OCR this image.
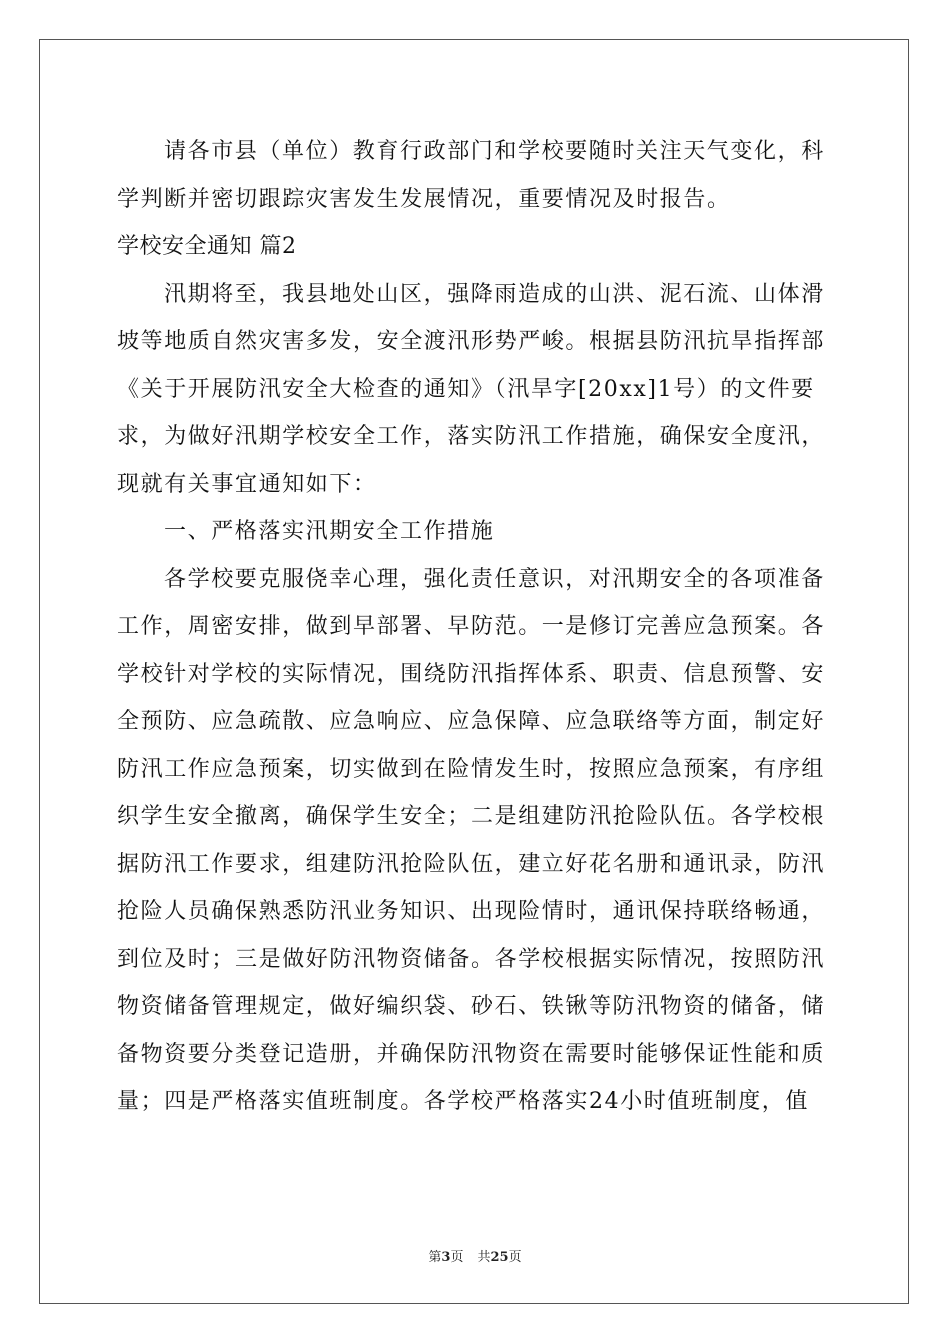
请各市县（单位）教育行政部门和学校要随时关注天气变化，科
学判断并密切跟踪灾害发生发展情况，重要情况及时报告。
学校安全通知 篇2
汛期将至，我县地处山区，强降雨造成的山洪、泥石流、山体滑
坡等地质自然灾害多发，安全渡汛形势严峻。根据县防汛抗旱指挥部
《关于开展防汛安全大检查的通知》（汛旱字[20xx]1号）的文件要
求，为做好汛期学校安全工作，落实防汛工作措施，确保安全度汛，
现就有关事宜通知如下：
一、严格落实汛期安全工作措施
各学校要克服侥幸心理，强化责任意识，对汛期安全的各项准备
工作，周密安排，做到早部署、早防范。一是修订完善应急预案。各
学校针对学校的实际情况，围绕防汛指挥体系、职责、信息预警、安
全预防、应急疏散、应急响应、应急保障、应急联络等方面，制定好
防汛工作应急预案，切实做到在险情发生时，按照应急预案，有序组
织学生安全撤离，确保学生安全；二是组建防汛抢险队伍。各学校根
据防汛工作要求，组建防汛抢险队伍，建立好花名册和通讯录，防汛
抢险人员确保熟悉防汛业务知识、出现险情时，通讯保持联络畅通，
到位及时；三是做好防汛物资储备。各学校根据实际情况，按照防汛
物资储备管理规定，做好编织袋、砂石、铁锹等防汛物资的储备，储
备物资要分类登记造册，并确保防汛物资在需要时能够保证性能和质
量；四是严格落实值班制度。各学校严格落实24小时值班制度，值
第3页 共25页
